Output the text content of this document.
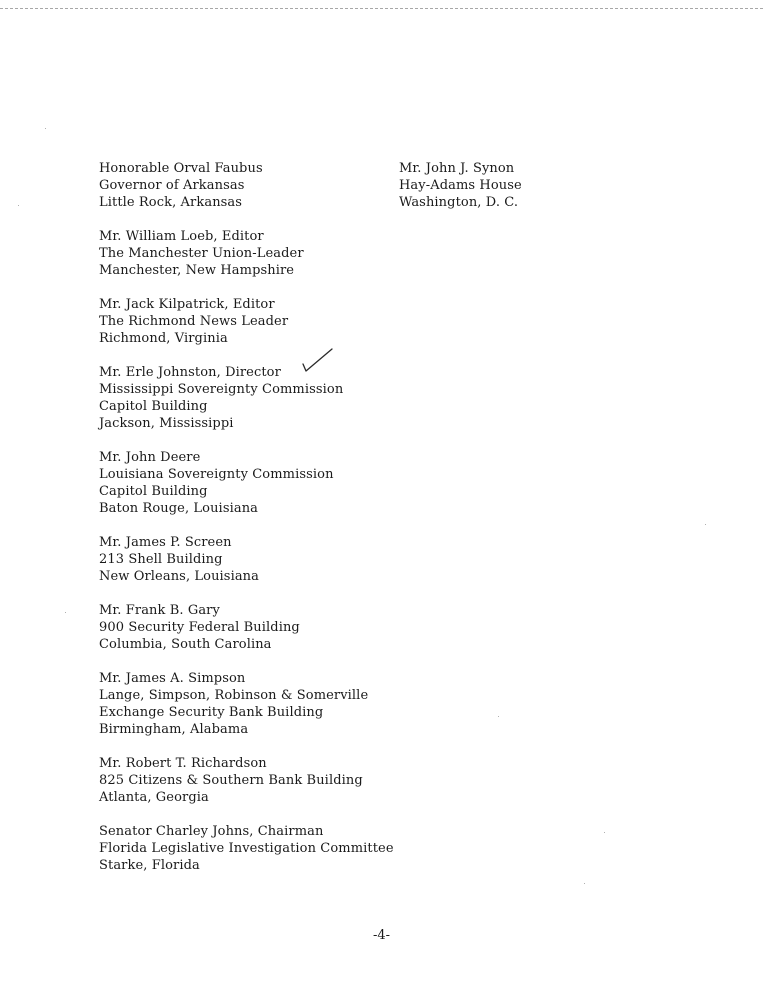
Honorable Orval Faubus
Governor of Arkansas
Little Rock, Arkansas
Mr. William Loeb, Editor
The Manchester Union-Leader
Manchester, New Hampshire
Mr. Jack Kilpatrick, Editor
The Richmond News Leader
Richmond, Virginia
Mr. Erle Johnston, Director
Mississippi Sovereignty Commission
Capitol Building
Jackson, Mississippi
Mr. John Deere
Louisiana Sovereignty Commission
Capitol Building
Baton Rouge, Louisiana
Mr. James P. Screen
213 Shell Building
New Orleans, Louisiana
Mr. Frank B. Gary
900 Security Federal Building
Columbia, South Carolina
Mr. James A. Simpson
Lange, Simpson, Robinson & Somerville
Exchange Security Bank Building
Birmingham, Alabama
Mr. Robert T. Richardson
825 Citizens & Southern Bank Building
Atlanta, Georgia
Senator Charley Johns, Chairman
Florida Legislative Investigation Committee
Starke, Florida
Mr. John J. Synon
Hay-Adams House
Washington, D. C.
-4-
